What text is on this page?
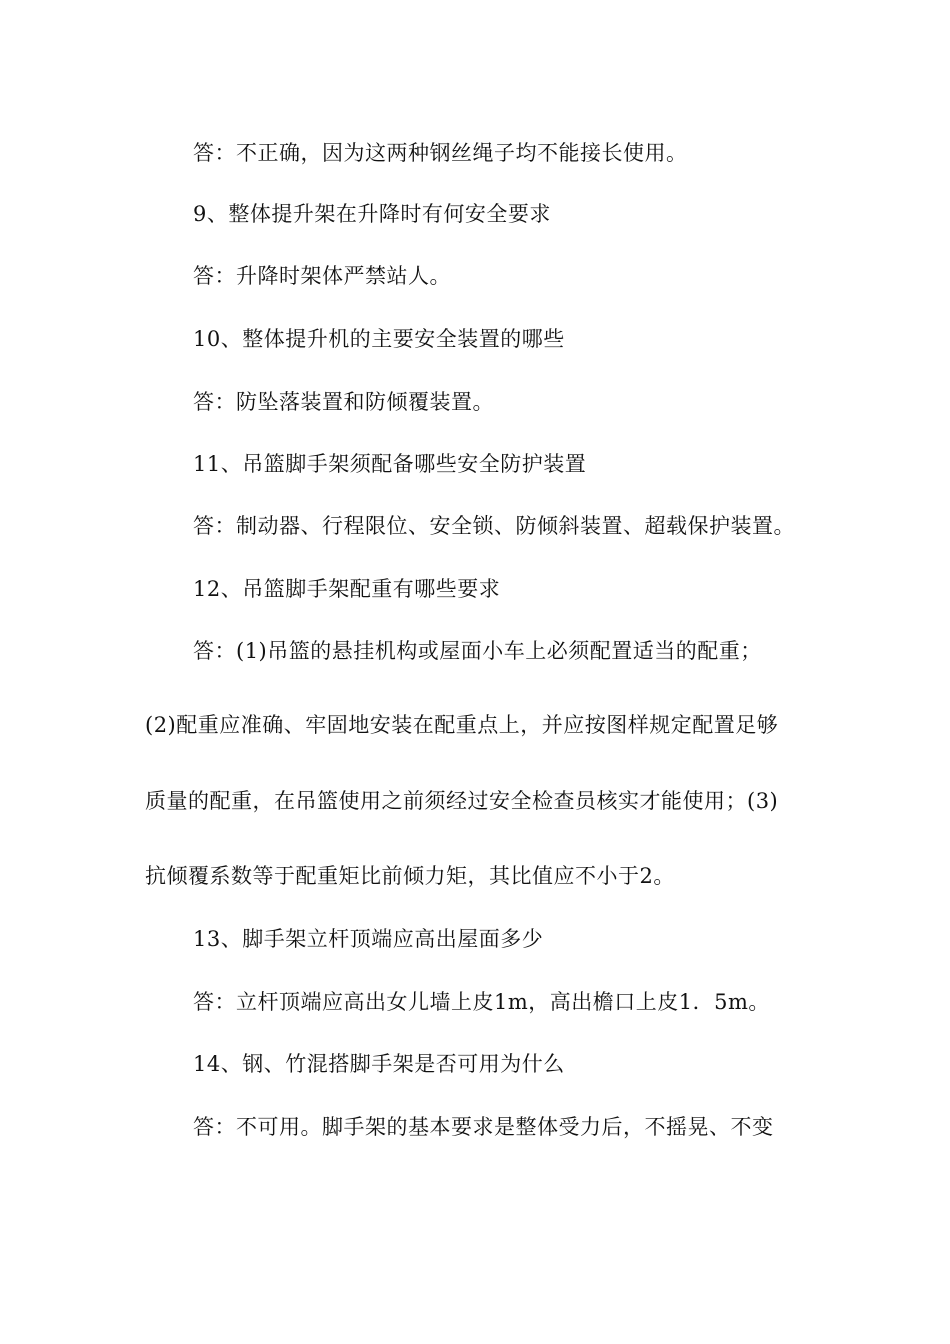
答：不正确，因为这两种钢丝绳子均不能接长使用。
9、整体提升架在升降时有何安全要求
答：升降时架体严禁站人。
10、整体提升机的主要安全装置的哪些
答：防坠落装置和防倾覆装置。
11、吊篮脚手架须配备哪些安全防护装置
答：制动器、行程限位、安全锁、防倾斜装置、超载保护装置。
12、吊篮脚手架配重有哪些要求
答：(1)吊篮的悬挂机构或屋面小车上必须配置适当的配重；
(2)配重应准确、牢固地安装在配重点上，并应按图样规定配置足够
质量的配重，在吊篮使用之前须经过安全检查员核实才能使用；(3)
抗倾覆系数等于配重矩比前倾力矩，其比值应不小于2。
13、脚手架立杆顶端应高出屋面多少
答：立杆顶端应高出女儿墙上皮1m，高出檐口上皮1．5m。
14、钢、竹混搭脚手架是否可用为什么
答：不可用。脚手架的基本要求是整体受力后，不摇晃、不变
